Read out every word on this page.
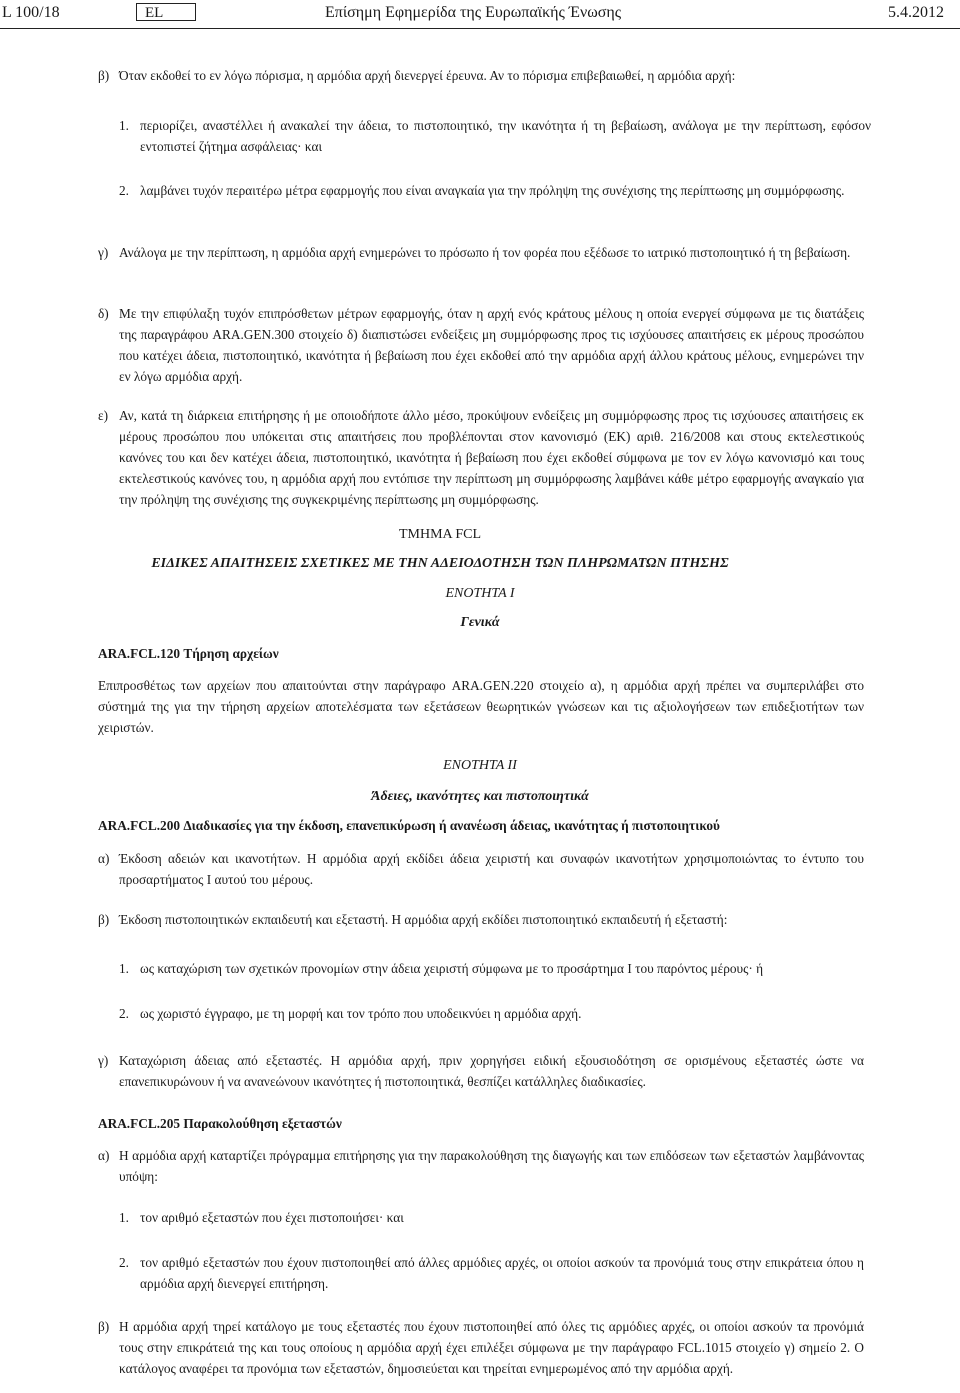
L 100/18	EL	Επίσημη Εφημερίδα της Ευρωπαϊκής Ένωσης	5.4.2012
β) Όταν εκδοθεί το εν λόγω πόρισμα, η αρμόδια αρχή διενεργεί έρευνα. Αν το πόρισμα επιβεβαιωθεί, η αρμόδια αρχή:
1. περιορίζει, αναστέλλει ή ανακαλεί την άδεια, το πιστοποιητικό, την ικανότητα ή τη βεβαίωση, ανάλογα με την περίπτωση, εφόσον εντοπιστεί ζήτημα ασφάλειας· και
2. λαμβάνει τυχόν περαιτέρω μέτρα εφαρμογής που είναι αναγκαία για την πρόληψη της συνέχισης της περίπτωσης μη συμμόρφωσης.
γ) Ανάλογα με την περίπτωση, η αρμόδια αρχή ενημερώνει το πρόσωπο ή τον φορέα που εξέδωσε το ιατρικό πιστοποιητικό ή τη βεβαίωση.
δ) Με την επιφύλαξη τυχόν επιπρόσθετων μέτρων εφαρμογής, όταν η αρχή ενός κράτους μέλους η οποία ενεργεί σύμφωνα με τις διατάξεις της παραγράφου ARA.GEN.300 στοιχείο δ) διαπιστώσει ενδείξεις μη συμμόρφωσης προς τις ισχύουσες απαιτήσεις εκ μέρους προσώπου που κατέχει άδεια, πιστοποιητικό, ικανότητα ή βεβαίωση που έχει εκδοθεί από την αρμόδια αρχή άλλου κράτους μέλους, ενημερώνει την εν λόγω αρμόδια αρχή.
ε) Αν, κατά τη διάρκεια επιτήρησης ή με οποιοδήποτε άλλο μέσο, προκύψουν ενδείξεις μη συμμόρφωσης προς τις ισχύουσες απαιτήσεις εκ μέρους προσώπου που υπόκειται στις απαιτήσεις που προβλέπονται στον κανονισμό (ΕΚ) αριθ. 216/2008 και στους εκτελεστικούς κανόνες του και δεν κατέχει άδεια, πιστοποιητικό, ικανότητα ή βεβαίωση που έχει εκδοθεί σύμφωνα με τον εν λόγω κανονισμό και τους εκτελεστικούς κανόνες του, η αρμόδια αρχή που εντόπισε την περίπτωση μη συμμόρφωσης λαμβάνει κάθε μέτρο εφαρμογής αναγκαίο για την πρόληψη της συνέχισης της συγκεκριμένης περίπτωσης μη συμμόρφωσης.
ΤΜΗΜΑ FCL
ΕΙΔΙΚΕΣ ΑΠΑΙΤΗΣΕΙΣ ΣΧΕΤΙΚΕΣ ΜΕ ΤΗΝ ΑΔΕΙΟΔΟΤΗΣΗ ΤΩΝ ΠΛΗΡΩΜΑΤΩΝ ΠΤΗΣΗΣ
ΕΝΟΤΗΤΑ I
Γενικά
ARA.FCL.120 Τήρηση αρχείων
Επιπροσθέτως των αρχείων που απαιτούνται στην παράγραφο ARA.GEN.220 στοιχείο α), η αρμόδια αρχή πρέπει να συμπεριλάβει στο σύστημά της για την τήρηση αρχείων αποτελέσματα των εξετάσεων θεωρητικών γνώσεων και τις αξιολογήσεων των επιδεξιοτήτων των χειριστών.
ΕΝΟΤΗΤΑ II
Άδειες, ικανότητες και πιστοποιητικά
ARA.FCL.200 Διαδικασίες για την έκδοση, επανεπικύρωση ή ανανέωση άδειας, ικανότητας ή πιστοποιητικού
α) Έκδοση αδειών και ικανοτήτων. Η αρμόδια αρχή εκδίδει άδεια χειριστή και συναφών ικανοτήτων χρησιμοποιώντας το έντυπο του προσαρτήματος I αυτού του μέρους.
β) Έκδοση πιστοποιητικών εκπαιδευτή και εξεταστή. Η αρμόδια αρχή εκδίδει πιστοποιητικό εκπαιδευτή ή εξεταστή:
1. ως καταχώριση των σχετικών προνομίων στην άδεια χειριστή σύμφωνα με το προσάρτημα I του παρόντος μέρους· ή
2. ως χωριστό έγγραφο, με τη μορφή και τον τρόπο που υποδεικνύει η αρμόδια αρχή.
γ) Καταχώριση άδειας από εξεταστές. Η αρμόδια αρχή, πριν χορηγήσει ειδική εξουσιοδότηση σε ορισμένους εξεταστές ώστε να επανεπικυρώνουν ή να ανανεώνουν ικανότητες ή πιστοποιητικά, θεσπίζει κατάλληλες διαδικασίες.
ARA.FCL.205 Παρακολούθηση εξεταστών
α) Η αρμόδια αρχή καταρτίζει πρόγραμμα επιτήρησης για την παρακολούθηση της διαγωγής και των επιδόσεων των εξεταστών λαμβάνοντας υπόψη:
1. τον αριθμό εξεταστών που έχει πιστοποιήσει· και
2. τον αριθμό εξεταστών που έχουν πιστοποιηθεί από άλλες αρμόδιες αρχές, οι οποίοι ασκούν τα προνόμιά τους στην επικράτεια όπου η αρμόδια αρχή διενεργεί επιτήρηση.
β) Η αρμόδια αρχή τηρεί κατάλογο με τους εξεταστές που έχουν πιστοποιηθεί από όλες τις αρμόδιες αρχές, οι οποίοι ασκούν τα προνόμιά τους στην επικράτειά της και τους οποίους η αρμόδια αρχή έχει επιλέξει σύμφωνα με την παράγραφο FCL.1015 στοιχείο γ) σημείο 2. Ο κατάλογος αναφέρει τα προνόμια των εξεταστών, δημοσιεύεται και τηρείται ενημερωμένος από την αρμόδια αρχή.
